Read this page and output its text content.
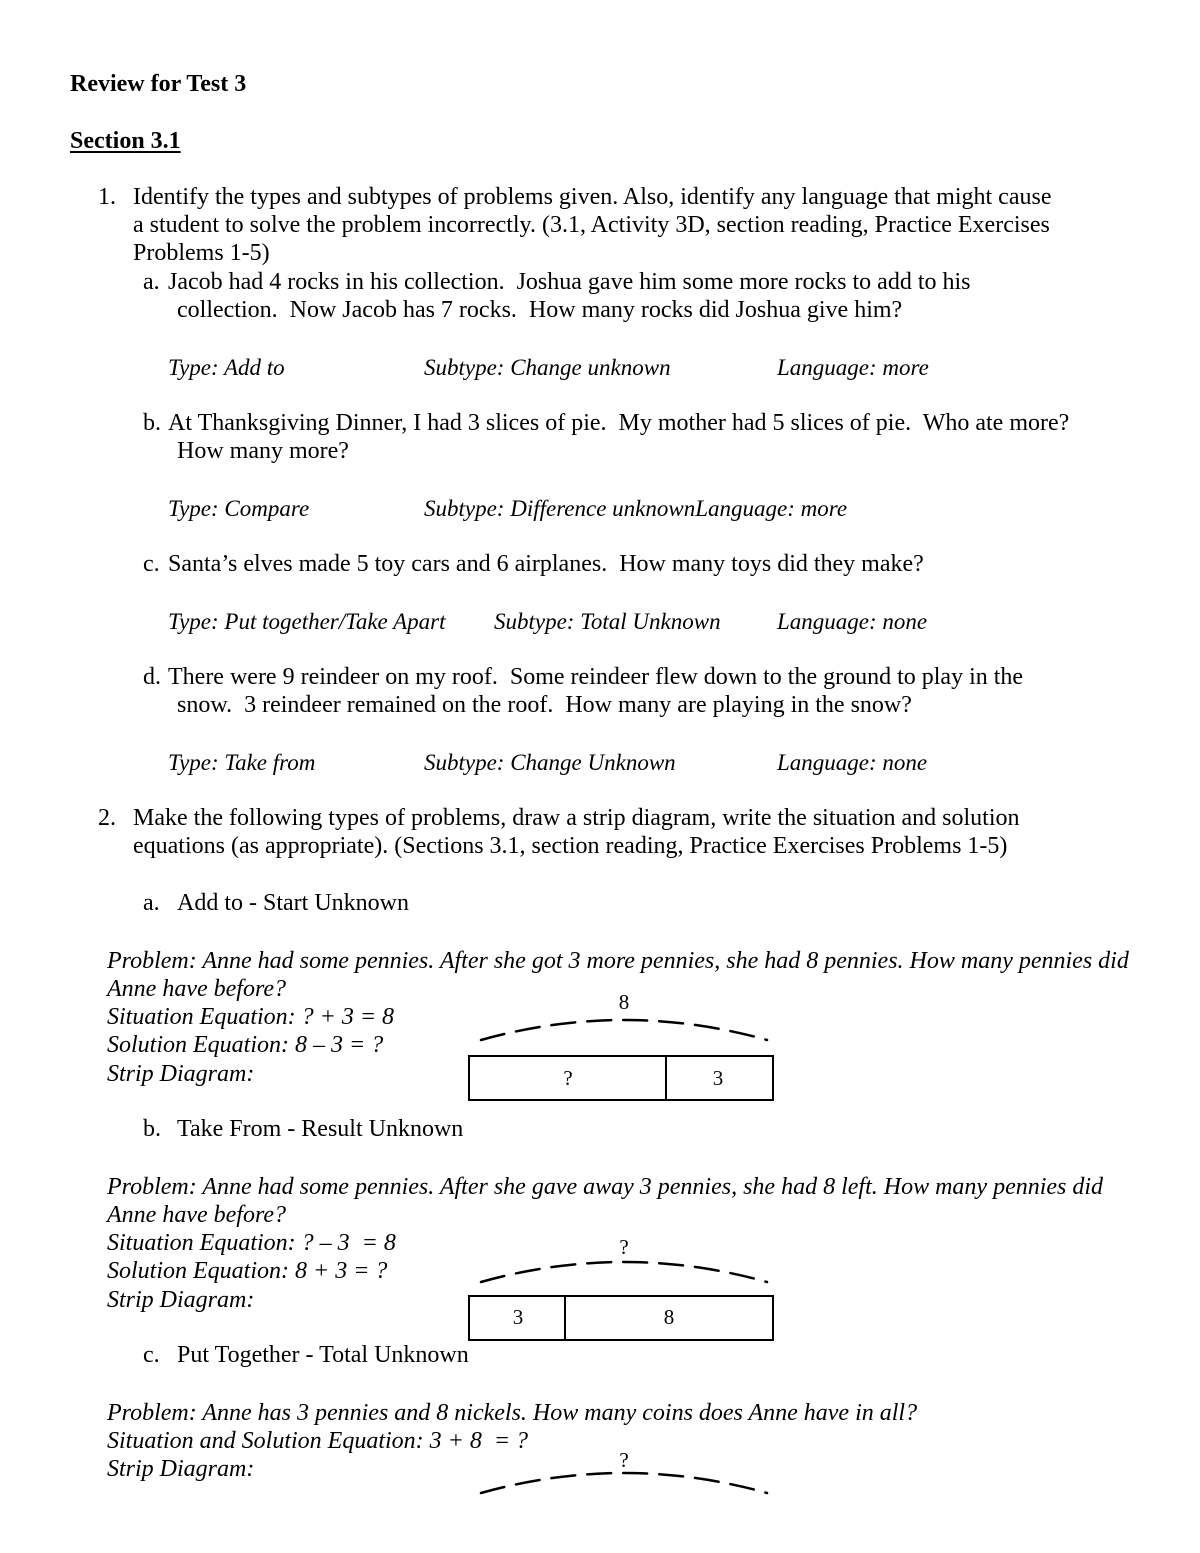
Review for Test 3
Section 3.1
1. Identify the types and subtypes of problems given. Also, identify any language that might cause
a student to solve the problem incorrectly. (3.1, Activity 3D, section reading, Practice Exercises
Problems 1-5)
a. Jacob had 4 rocks in his collection.  Joshua gave him some more rocks to add to his
collection.  Now Jacob has 7 rocks.  How many rocks did Joshua give him?
Type: Add to	Subtype: Change unknown	Language: more
b. At Thanksgiving Dinner, I had 3 slices of pie.  My mother had 5 slices of pie.  Who ate more?
How many more?
Type: Compare	Subtype: Difference unknownLanguage: more
c. Santa’s elves made 5 toy cars and 6 airplanes.  How many toys did they make?
Type: Put together/Take Apart Subtype: Total Unknown Language: none
d. There were 9 reindeer on my roof.  Some reindeer flew down to the ground to play in the
snow.  3 reindeer remained on the roof.  How many are playing in the snow?
Type: Take from	Subtype: Change Unknown	Language: none
2. Make the following types of problems, draw a strip diagram, write the situation and solution
equations (as appropriate). (Sections 3.1, section reading, Practice Exercises Problems 1-5)
a. Add to - Start Unknown
Problem: Anne had some pennies. After she got 3 more pennies, she had 8 pennies. How many pennies did
Anne have before?
Situation Equation: ? + 3 = 8
Solution Equation: 8 – 3 = ?
Strip Diagram:
8
?	3
b. Take From - Result Unknown
Problem: Anne had some pennies. After she gave away 3 pennies, she had 8 left. How many pennies did
Anne have before?
Situation Equation: ? – 3  = 8
Solution Equation: 8 + 3 = ?
Strip Diagram:
?
3	8
c. Put Together - Total Unknown
Problem: Anne has 3 pennies and 8 nickels. How many coins does Anne have in all?
Situation and Solution Equation: 3 + 8  = ?
Strip Diagram:	?
